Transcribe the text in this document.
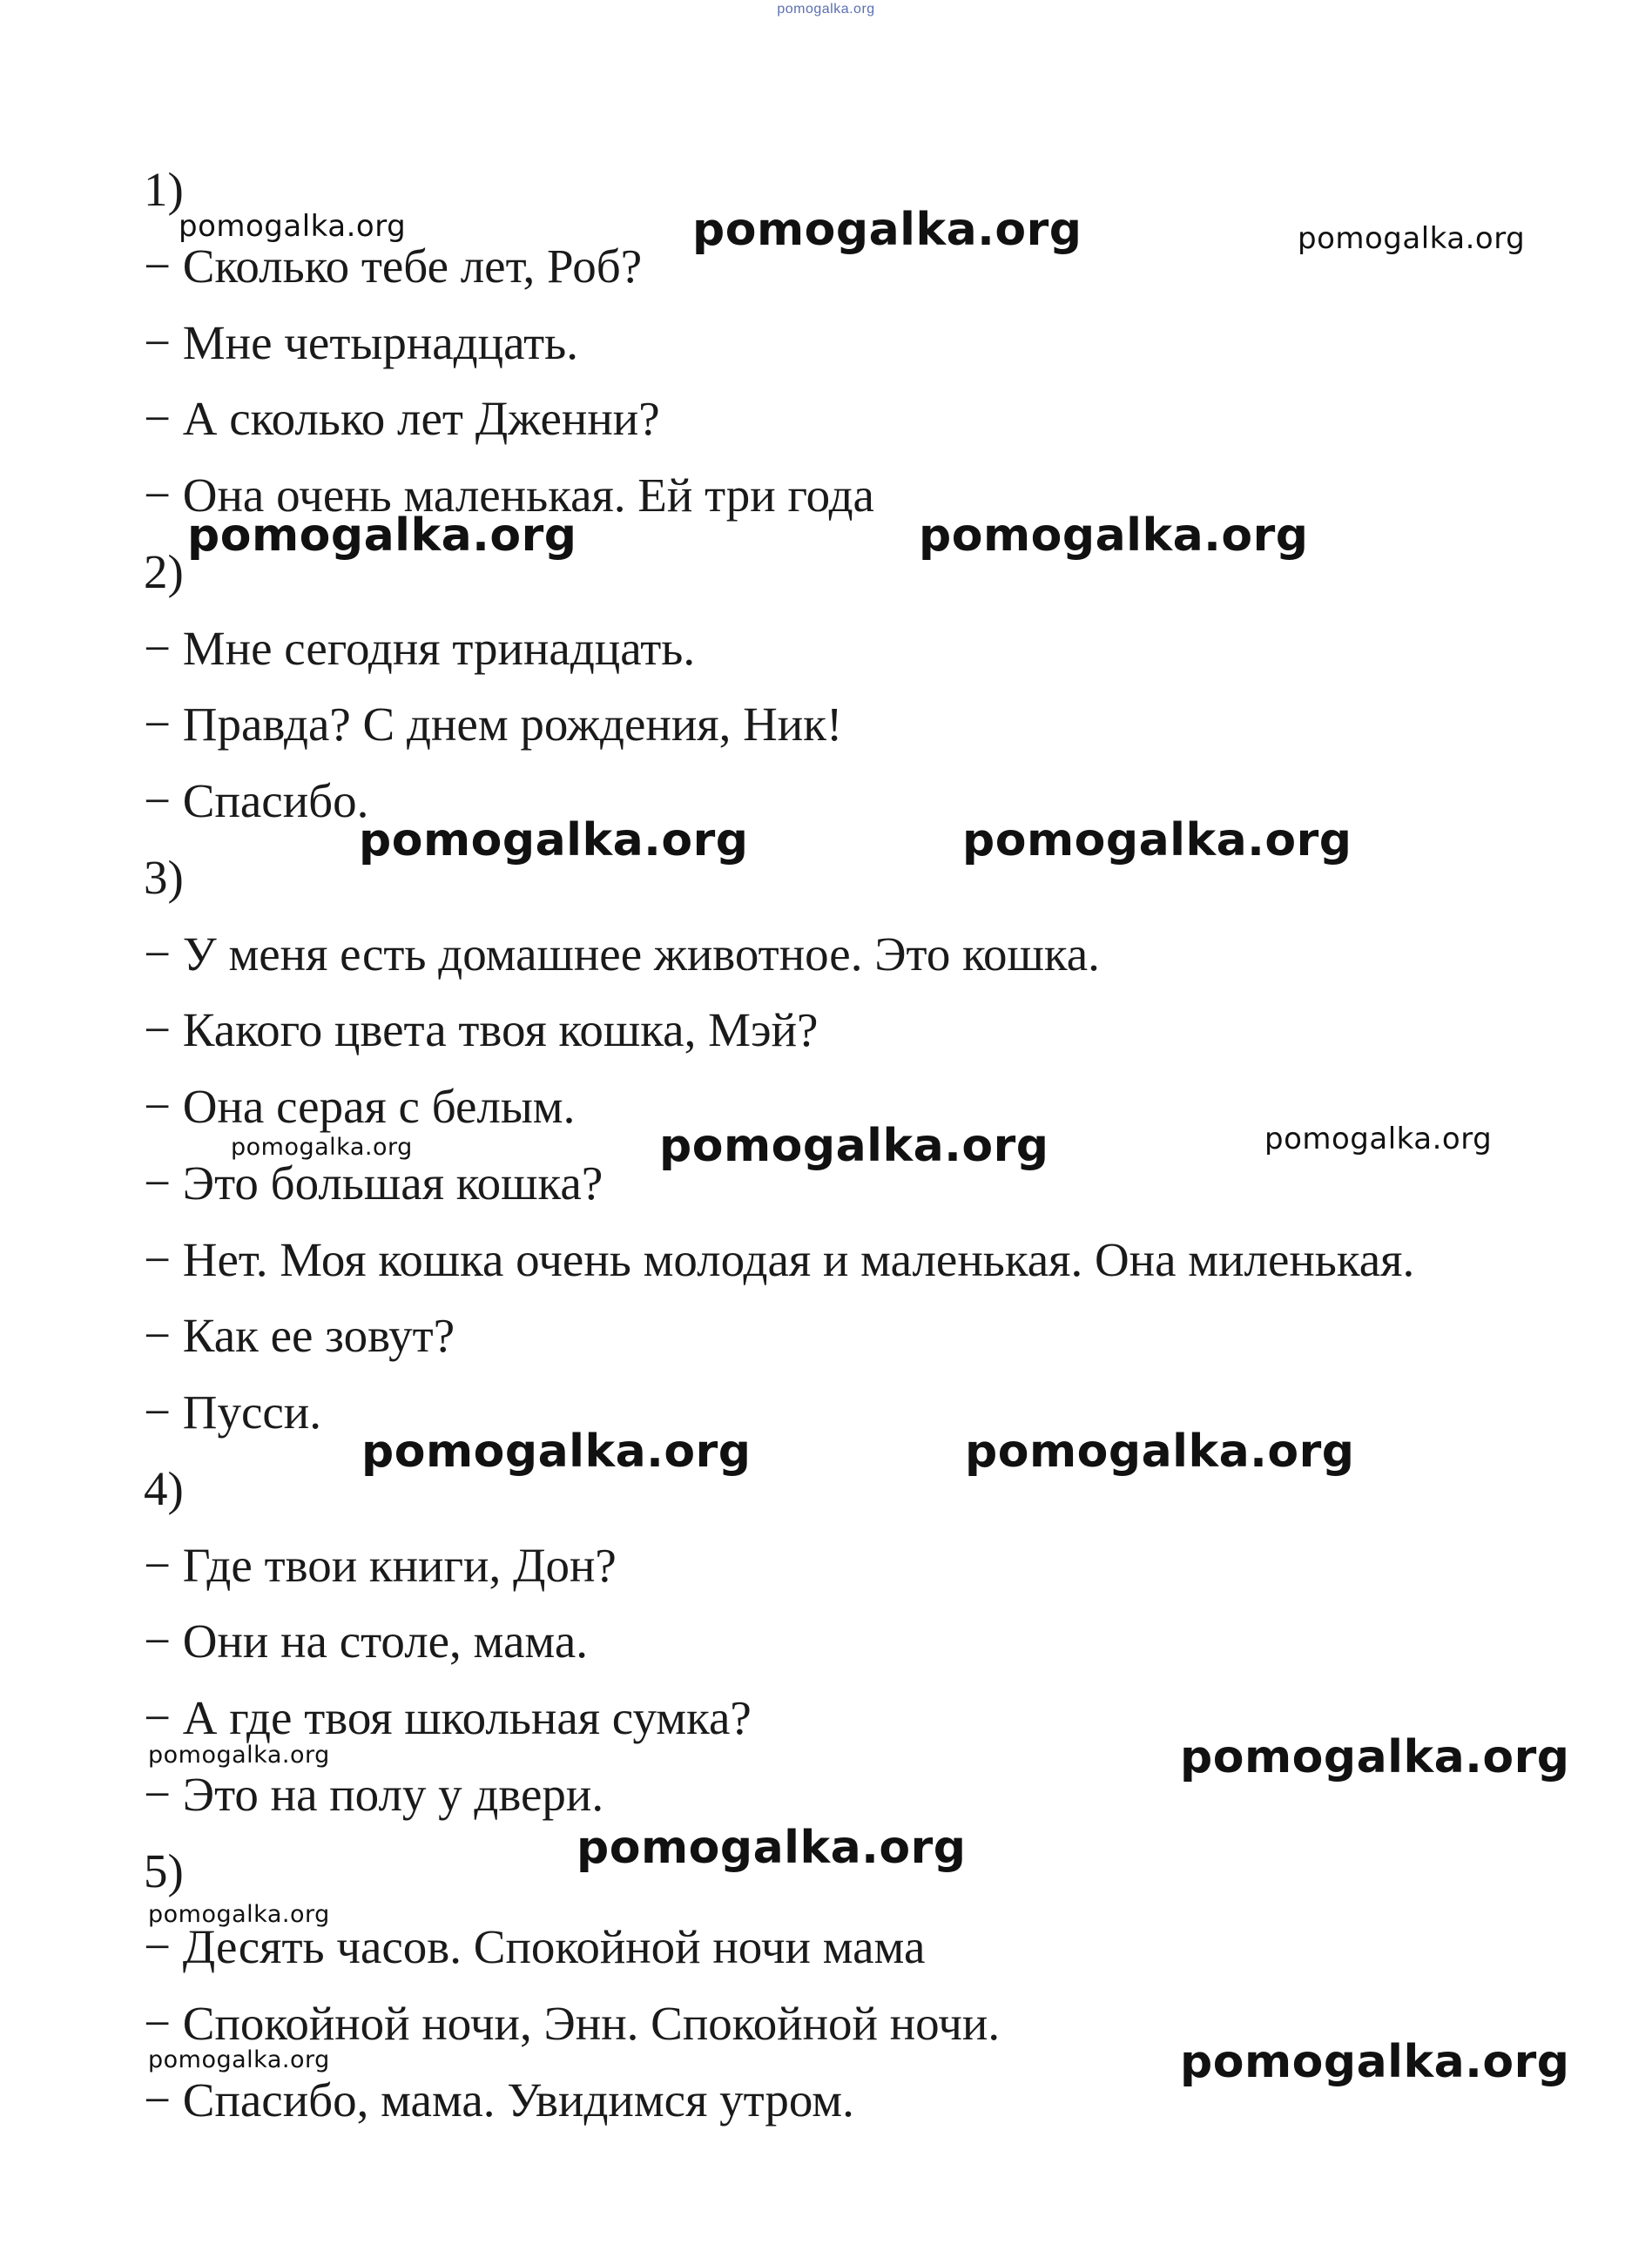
pomogalka.org
1)
− Сколько тебе лет, Роб?
− Мне четырнадцать.
− А сколько лет Дженни?
− Она очень маленькая. Ей три года
2)
− Мне сегодня тринадцать.
− Правда? С днем рождения, Ник!
− Спасибо.
3)
− У меня есть домашнее животное. Это кошка.
− Какого цвета твоя кошка, Мэй?
− Она серая с белым.
− Это большая кошка?
− Нет. Моя кошка очень молодая и маленькая. Она миленькая.
− Как ее зовут?
− Пусси.
4)
− Где твои книги, Дон?
− Они на столе, мама.
− А где твоя школьная сумка?
− Это на полу у двери.
5)
− Десять часов. Спокойной ночи мама
− Спокойной ночи, Энн. Спокойной ночи.
− Спасибо, мама. Увидимся утром.
pomogalka.org	pomogalka.org	pomogalka.org
pomogalka.org	pomogalka.org
pomogalka.org	pomogalka.org
pomogalka.org	pomogalka.org	pomogalka.org
pomogalka.org	pomogalka.org
pomogalka.org	pomogalka.org
pomogalka.org
pomogalka.org
pomogalka.org	pomogalka.org
